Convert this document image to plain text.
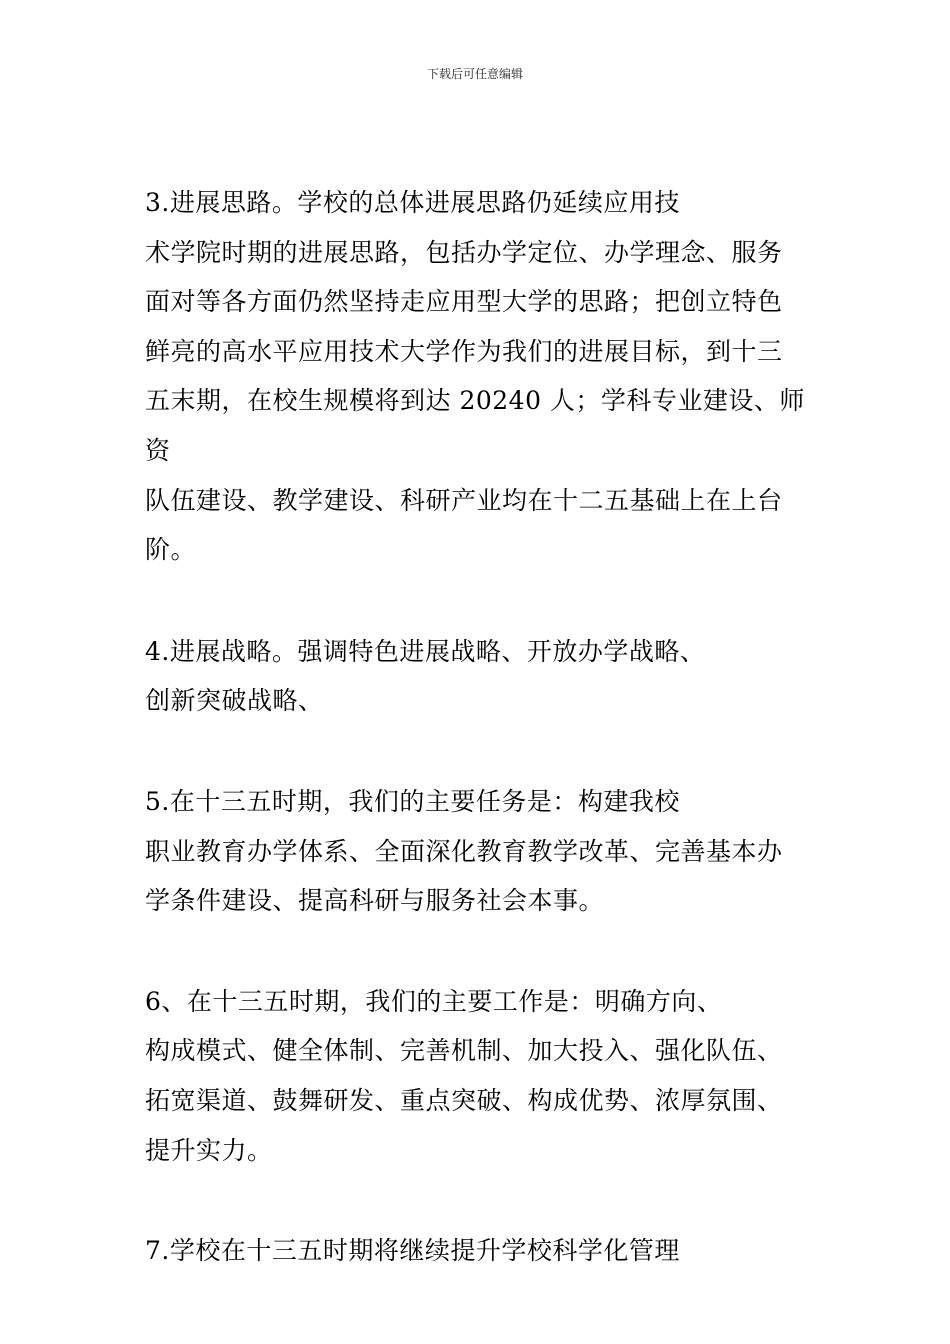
下载后可任意编辑

3.进展思路。学校的总体进展思路仍延续应用技
术学院时期的进展思路，包括办学定位、办学理念、服务
面对等各方面仍然坚持走应用型大学的思路；把创立特色
鲜亮的高水平应用技术大学作为我们的进展目标，到十三
五末期，在校生规模将到达 20240 人；学科专业建设、师资
队伍建设、教学建设、科研产业均在十二五基础上在上台
阶。

4.进展战略。强调特色进展战略、开放办学战略、
创新突破战略、

5.在十三五时期，我们的主要任务是：构建我校
职业教育办学体系、全面深化教育教学改革、完善基本办
学条件建设、提高科研与服务社会本事。

6、在十三五时期，我们的主要工作是：明确方向、
构成模式、健全体制、完善机制、加大投入、强化队伍、
拓宽渠道、鼓舞研发、重点突破、构成优势、浓厚氛围、
提升实力。

7.学校在十三五时期将继续提升学校科学化管理
